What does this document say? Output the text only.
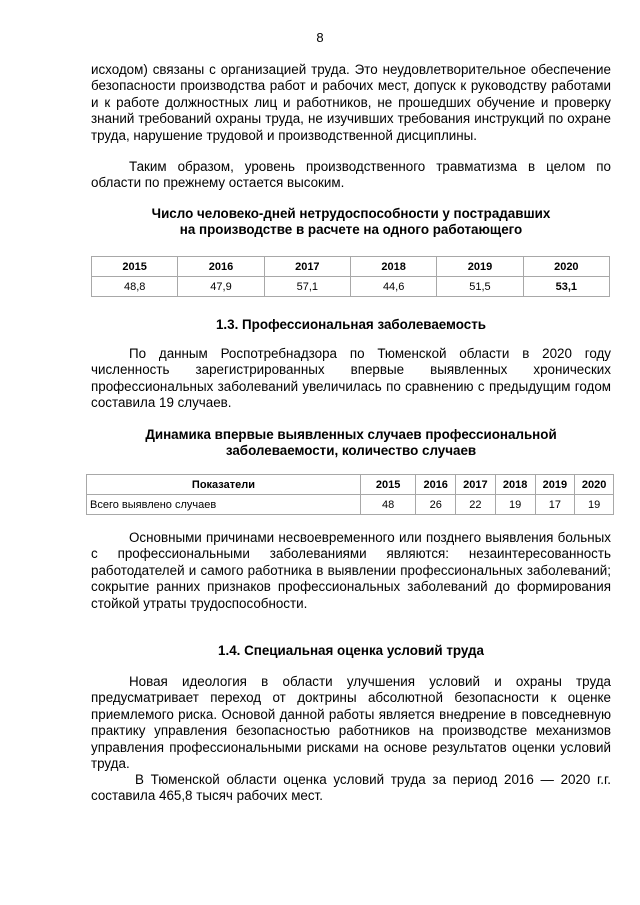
8
исходом) связаны с организацией труда. Это неудовлетворительное обеспечение безопасности производства работ и рабочих мест, допуск к руководству работами и к работе должностных лиц и работников, не прошедших обучение и проверку знаний требований охраны труда, не изучивших требования инструкций по охране труда, нарушение трудовой и производственной дисциплины.
Таким образом, уровень производственного травматизма в целом по области по прежнему остается высоким.
Число человеко-дней нетрудоспособности у пострадавших
на производстве в расчете на одного работающего
2015	2016	2017	2018	2019	2020
48,8	47,9	57,1	44,6	51,5	53,1
1.3. Профессиональная заболеваемость
По данным Роспотребнадзора по Тюменской области в 2020 году численность зарегистрированных впервые выявленных хронических профессиональных заболеваний увеличилась по сравнению с предыдущим годом составила 19 случаев.
Динамика впервые выявленных случаев профессиональной
заболеваемости, количество случаев
Показатели	2015	2016	2017	2018	2019	2020
Всего выявлено случаев	48	26	22	19	17	19
Основными причинами несвоевременного или позднего выявления больных с профессиональными заболеваниями являются: незаинтересованность работодателей и самого работника в выявлении профессиональных заболеваний; сокрытие ранних признаков профессиональных заболеваний до формирования стойкой утраты трудоспособности.
1.4. Специальная оценка условий труда
Новая идеология в области улучшения условий и охраны труда предусматривает переход от доктрины абсолютной безопасности к оценке приемлемого риска. Основой данной работы является внедрение в повседневную практику управления безопасностью работников на производстве механизмов управления профессиональными рисками на основе результатов оценки условий труда.
В Тюменской области оценка условий труда за период 2016 — 2020 г.г. составила 465,8 тысяч рабочих мест.
